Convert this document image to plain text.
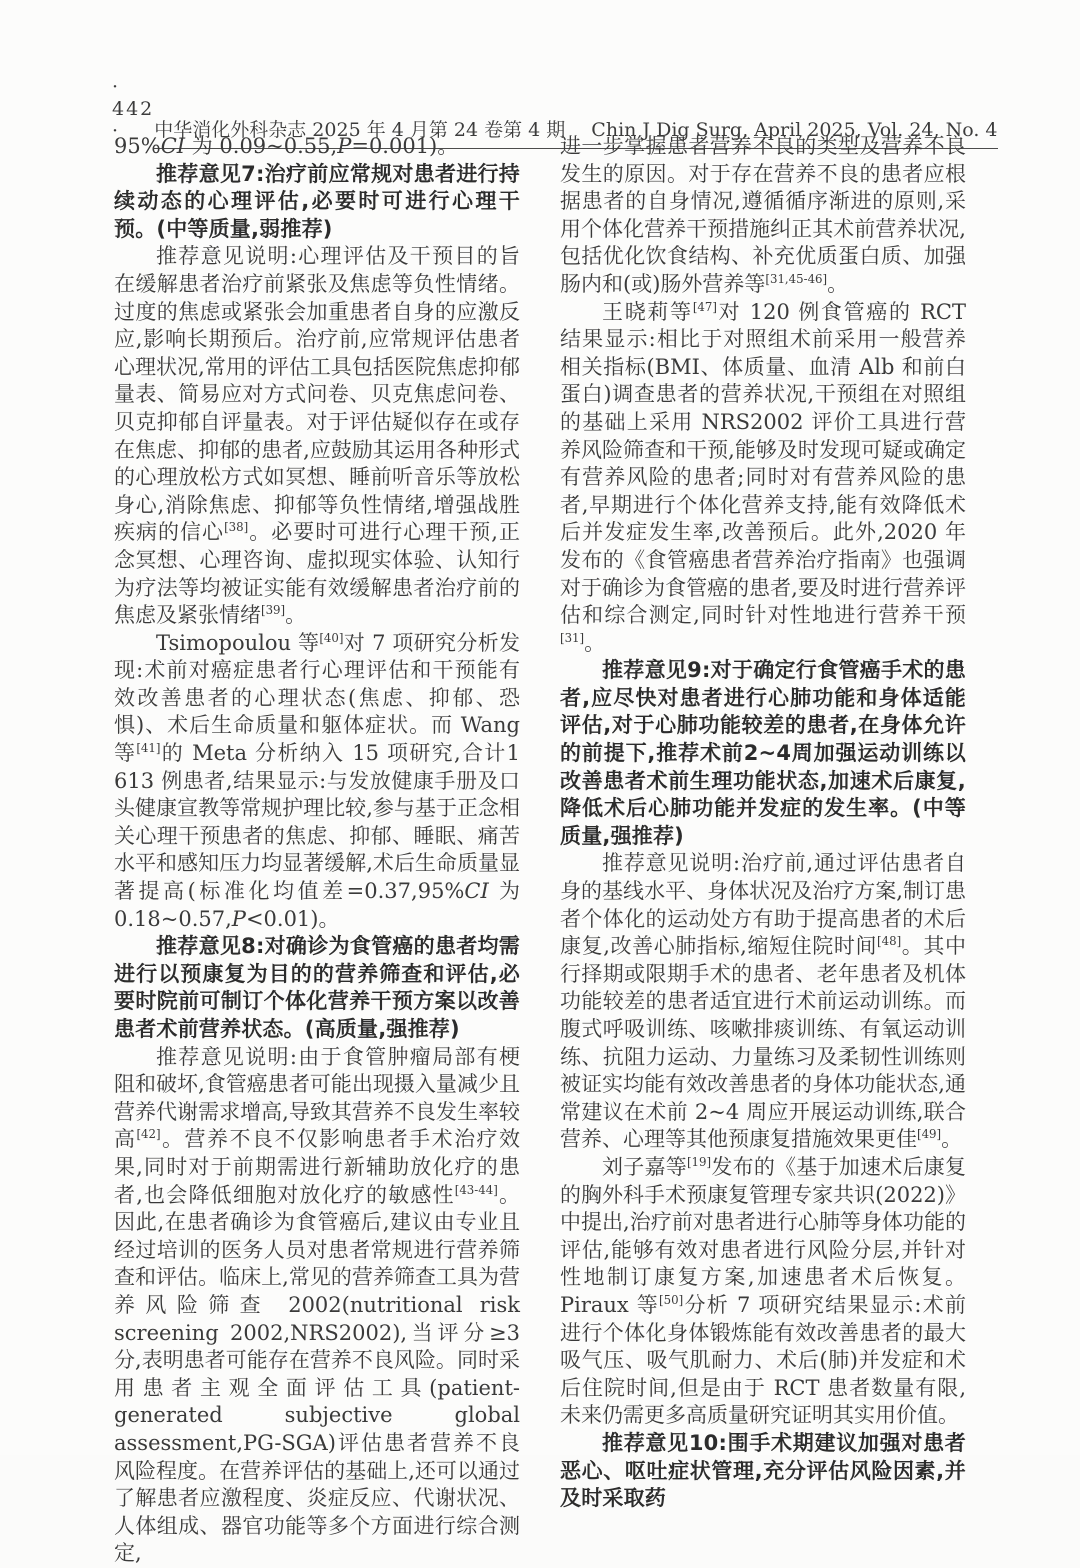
· 442 ·	中华消化外科杂志 2025 年 4 月第 24 卷第 4 期 Chin J Dig Surg, April 2025, Vol. 24, No. 4

95%CI 为 0.09~0.55,P=0.001)。

推荐意见7:治疗前应常规对患者进行持续动态的心理评估,必要时可进行心理干预。(中等质量,弱推荐)

推荐意见说明:心理评估及干预目的旨在缓解患者治疗前紧张及焦虑等负性情绪。过度的焦虑或紧张会加重患者自身的应激反应,影响长期预后。治疗前,应常规评估患者心理状况,常用的评估工具包括医院焦虑抑郁量表、简易应对方式问卷、贝克焦虑问卷、贝克抑郁自评量表。对于评估疑似存在或存在焦虑、抑郁的患者,应鼓励其运用各种形式的心理放松方式如冥想、睡前听音乐等放松身心,消除焦虑、抑郁等负性情绪,增强战胜疾病的信心[38]。必要时可进行心理干预,正念冥想、心理咨询、虚拟现实体验、认知行为疗法等均被证实能有效缓解患者治疗前的焦虑及紧张情绪[39]。

Tsimopoulou 等[40]对 7 项研究分析发现:术前对癌症患者行心理评估和干预能有效改善患者的心理状态(焦虑、抑郁、恐惧)、术后生命质量和躯体症状。而 Wang 等[41]的 Meta 分析纳入 15 项研究,合计1 613 例患者,结果显示:与发放健康手册及口头健康宣教等常规护理比较,参与基于正念相关心理干预患者的焦虑、抑郁、睡眠、痛苦水平和感知压力均显著缓解,术后生命质量显著提高(标准化均值差=0.37,95%CI 为 0.18~0.57,P<0.01)。

推荐意见8:对确诊为食管癌的患者均需进行以预康复为目的的营养筛查和评估,必要时院前可制订个体化营养干预方案以改善患者术前营养状态。(高质量,强推荐)

推荐意见说明:由于食管肿瘤局部有梗阻和破坏,食管癌患者可能出现摄入量减少且营养代谢需求增高,导致其营养不良发生率较高[42]。营养不良不仅影响患者手术治疗效果,同时对于前期需进行新辅助放化疗的患者,也会降低细胞对放化疗的敏感性[43-44]。因此,在患者确诊为食管癌后,建议由专业且经过培训的医务人员对患者常规进行营养筛查和评估。临床上,常见的营养筛查工具为营养风险筛查 2002(nutritional risk screening 2002,NRS2002),当评分≥3分,表明患者可能存在营养不良风险。同时采用患者主观全面评估工具(patient-generated subjective global assessment,PG-SGA)评估患者营养不良风险程度。在营养评估的基础上,还可以通过了解患者应激程度、炎症反应、代谢状况、人体组成、器官功能等多个方面进行综合测定,

进一步掌握患者营养不良的类型及营养不良发生的原因。对于存在营养不良的患者应根据患者的自身情况,遵循循序渐进的原则,采用个体化营养干预措施纠正其术前营养状况,包括优化饮食结构、补充优质蛋白质、加强肠内和(或)肠外营养等[31,45-46]。

王晓莉等[47]对 120 例食管癌的 RCT 结果显示:相比于对照组术前采用一般营养相关指标(BMI、体质量、血清 Alb 和前白蛋白)调查患者的营养状况,干预组在对照组的基础上采用 NRS2002 评价工具进行营养风险筛查和干预,能够及时发现可疑或确定有营养风险的患者;同时对有营养风险的患者,早期进行个体化营养支持,能有效降低术后并发症发生率,改善预后。此外,2020 年发布的《食管癌患者营养治疗指南》也强调对于确诊为食管癌的患者,要及时进行营养评估和综合测定,同时针对性地进行营养干预[31]。

推荐意见9:对于确定行食管癌手术的患者,应尽快对患者进行心肺功能和身体适能评估,对于心肺功能较差的患者,在身体允许的前提下,推荐术前2~4周加强运动训练以改善患者术前生理功能状态,加速术后康复,降低术后心肺功能并发症的发生率。(中等质量,强推荐)

推荐意见说明:治疗前,通过评估患者自身的基线水平、身体状况及治疗方案,制订患者个体化的运动处方有助于提高患者的术后康复,改善心肺指标,缩短住院时间[48]。其中行择期或限期手术的患者、老年患者及机体功能较差的患者适宜进行术前运动训练。而腹式呼吸训练、咳嗽排痰训练、有氧运动训练、抗阻力运动、力量练习及柔韧性训练则被证实均能有效改善患者的身体功能状态,通常建议在术前 2~4 周应开展运动训练,联合营养、心理等其他预康复措施效果更佳[49]。

刘子嘉等[19]发布的《基于加速术后康复的胸外科手术预康复管理专家共识(2022)》中提出,治疗前对患者进行心肺等身体功能的评估,能够有效对患者进行风险分层,并针对性地制订康复方案,加速患者术后恢复。Piraux 等[50]分析 7 项研究结果显示:术前进行个体化身体锻炼能有效改善患者的最大吸气压、吸气肌耐力、术后(肺)并发症和术后住院时间,但是由于 RCT 患者数量有限,未来仍需更多高质量研究证明其实用价值。

推荐意见10:围手术期建议加强对患者恶心、呕吐症状管理,充分评估风险因素,并及时采取药
